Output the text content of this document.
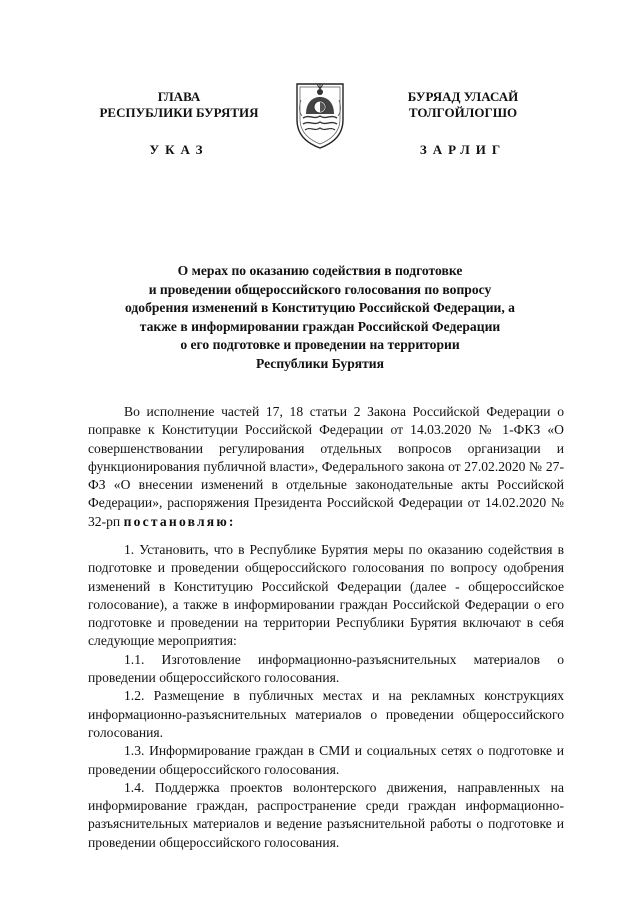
ГЛАВА
РЕСПУБЛИКИ БУРЯТИЯ
БУРЯАД УЛАСАЙ
ТОЛГОЙЛОГШО
УКАЗ	ЗАРЛИГ
О мерах по оказанию содействия в подготовке
и проведении общероссийского голосования по вопросу
одобрения изменений в Конституцию Российской Федерации, а
также в информировании граждан Российской Федерации
о его подготовке и проведении на территории
Республики Бурятия

Во исполнение частей 17, 18 статьи 2 Закона Российской Федерации о поправке к Конституции Российской Федерации от 14.03.2020 № 1-ФКЗ «О совершенствовании регулирования отдельных вопросов организации и функционирования публичной власти», Федерального закона от 27.02.2020 № 27-ФЗ «О внесении изменений в отдельные законодательные акты Российской Федерации», распоряжения Президента Российской Федерации от 14.02.2020 № 32-рп постановляю:

1. Установить, что в Республике Бурятия меры по оказанию содействия в подготовке и проведении общероссийского голосования по вопросу одобрения изменений в Конституцию Российской Федерации (далее - общероссийское голосование), а также в информировании граждан Российской Федерации о его подготовке и проведении на территории Республики Бурятия включают в себя следующие мероприятия:

1.1. Изготовление информационно-разъяснительных материалов о проведении общероссийского голосования.

1.2. Размещение в публичных местах и на рекламных конструкциях информационно-разъяснительных материалов о проведении общероссийского голосования.

1.3. Информирование граждан в СМИ и социальных сетях о подготовке и проведении общероссийского голосования.

1.4. Поддержка проектов волонтерского движения, направленных на информирование граждан, распространение среди граждан информационно-разъяснительных материалов и ведение разъяснительной работы о подготовке и проведении общероссийского голосования.
